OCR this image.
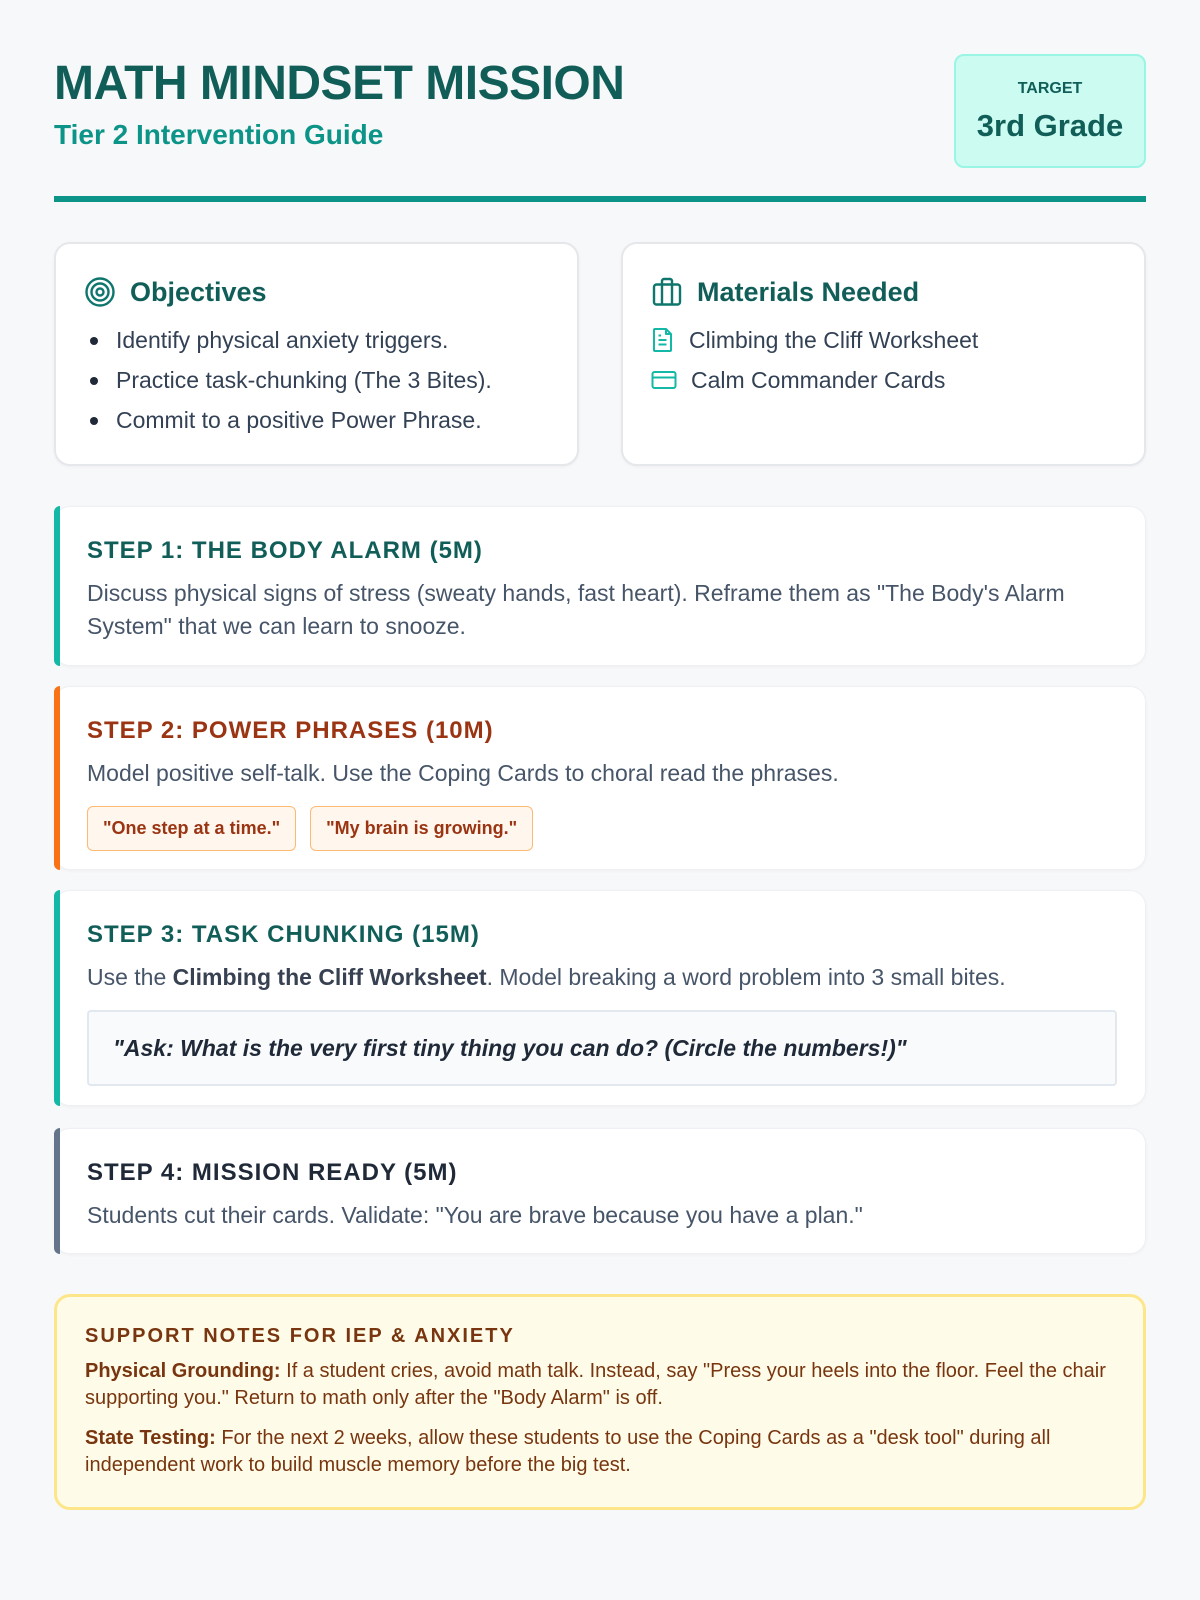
MATH MINDSET MISSION
Tier 2 Intervention Guide
TARGET
3rd Grade
Objectives
Identify physical anxiety triggers.
Practice task-chunking (The 3 Bites).
Commit to a positive Power Phrase.
Materials Needed
Climbing the Cliff Worksheet
Calm Commander Cards
STEP 1: THE BODY ALARM (5M)
Discuss physical signs of stress (sweaty hands, fast heart). Reframe them as "The Body's Alarm System" that we can learn to snooze.
STEP 2: POWER PHRASES (10M)
Model positive self-talk. Use the Coping Cards to choral read the phrases.
"One step at a time."	"My brain is growing."
STEP 3: TASK CHUNKING (15M)
Use the Climbing the Cliff Worksheet. Model breaking a word problem into 3 small bites.
"Ask: What is the very first tiny thing you can do? (Circle the numbers!)"
STEP 4: MISSION READY (5M)
Students cut their cards. Validate: "You are brave because you have a plan."
SUPPORT NOTES FOR IEP & ANXIETY

Physical Grounding: If a student cries, avoid math talk. Instead, say "Press your heels into the floor. Feel the chair supporting you." Return to math only after the "Body Alarm" is off.

State Testing: For the next 2 weeks, allow these students to use the Coping Cards as a "desk tool" during all independent work to build muscle memory before the big test.
